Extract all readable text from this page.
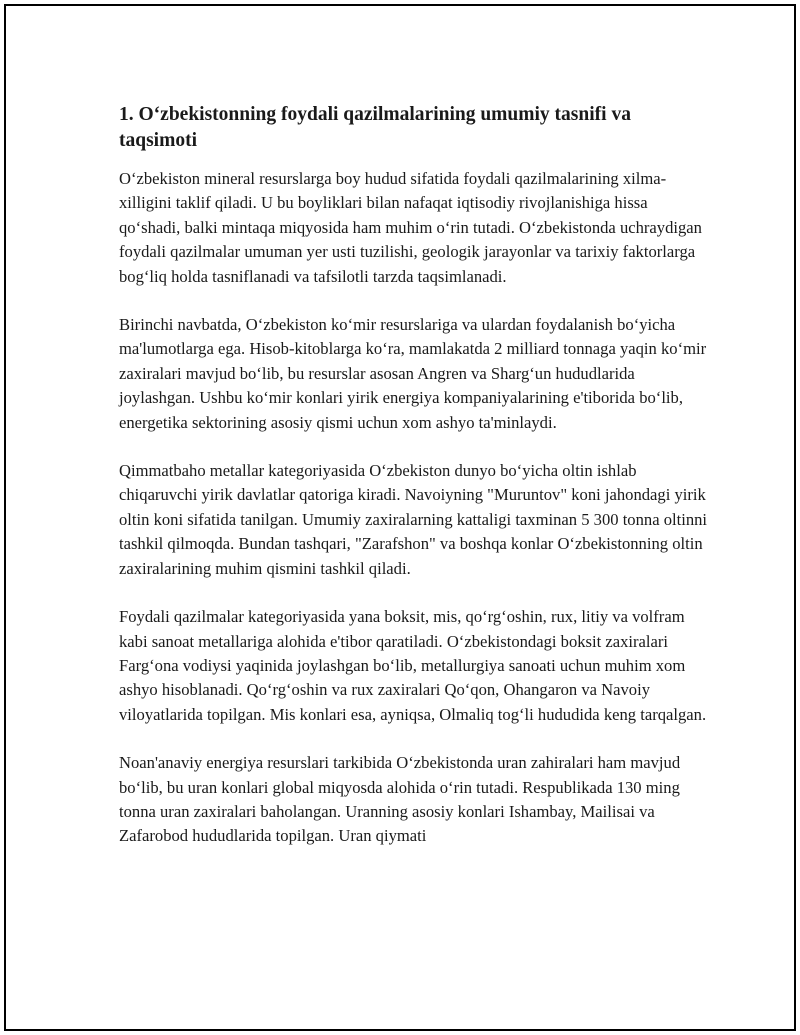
1. O‘zbekistonning foydali qazilmalarining umumiy tasnifi va taqsimoti

O‘zbekiston mineral resurslarga boy hudud sifatida foydali qazilmalarining xilma-xilligini taklif qiladi. U bu boyliklari bilan nafaqat iqtisodiy rivojlanishiga hissa qo‘shadi, balki mintaqa miqyosida ham muhim o‘rin tutadi. O‘zbekistonda uchraydigan foydali qazilmalar umuman yer usti tuzilishi, geologik jarayonlar va tarixiy faktorlarga bog‘liq holda tasniflanadi va tafsilotli tarzda taqsimlanadi.

Birinchi navbatda, O‘zbekiston ko‘mir resurslariga va ulardan foydalanish bo‘yicha ma'lumotlarga ega. Hisob-kitoblarga ko‘ra, mamlakatda 2 milliard tonnaga yaqin ko‘mir zaxiralari mavjud bo‘lib, bu resurslar asosan Angren va Sharg‘un hududlarida joylashgan. Ushbu ko‘mir konlari yirik energiya kompaniyalarining e'tiborida bo‘lib, energetika sektorining asosiy qismi uchun xom ashyo ta'minlaydi.

Qimmatbaho metallar kategoriyasida O‘zbekiston dunyo bo‘yicha oltin ishlab chiqaruvchi yirik davlatlar qatoriga kiradi. Navoiyning "Muruntov" koni jahondagi yirik oltin koni sifatida tanilgan. Umumiy zaxiralarning kattaligi taxminan 5 300 tonna oltinni tashkil qilmoqda. Bundan tashqari, "Zarafshon" va boshqa konlar O‘zbekistonning oltin zaxiralarining muhim qismini tashkil qiladi.

Foydali qazilmalar kategoriyasida yana boksit, mis, qo‘rg‘oshin, rux, litiy va volfram kabi sanoat metallariga alohida e'tibor qaratiladi. O‘zbekistondagi boksit zaxiralari Farg‘ona vodiysi yaqinida joylashgan bo‘lib, metallurgiya sanoati uchun muhim xom ashyo hisoblanadi. Qo‘rg‘oshin va rux zaxiralari Qo‘qon, Ohangaron va Navoiy viloyatlarida topilgan. Mis konlari esa, ayniqsa, Olmaliq tog‘li hududida keng tarqalgan.

Noan'anaviy energiya resurslari tarkibida O‘zbekistonda uran zahiralari ham mavjud bo‘lib, bu uran konlari global miqyosda alohida o‘rin tutadi. Respublikada 130 ming tonna uran zaxiralari baholangan. Uranning asosiy konlari Ishambay, Mailisai va Zafarobod hududlarida topilgan. Uran qiymati
